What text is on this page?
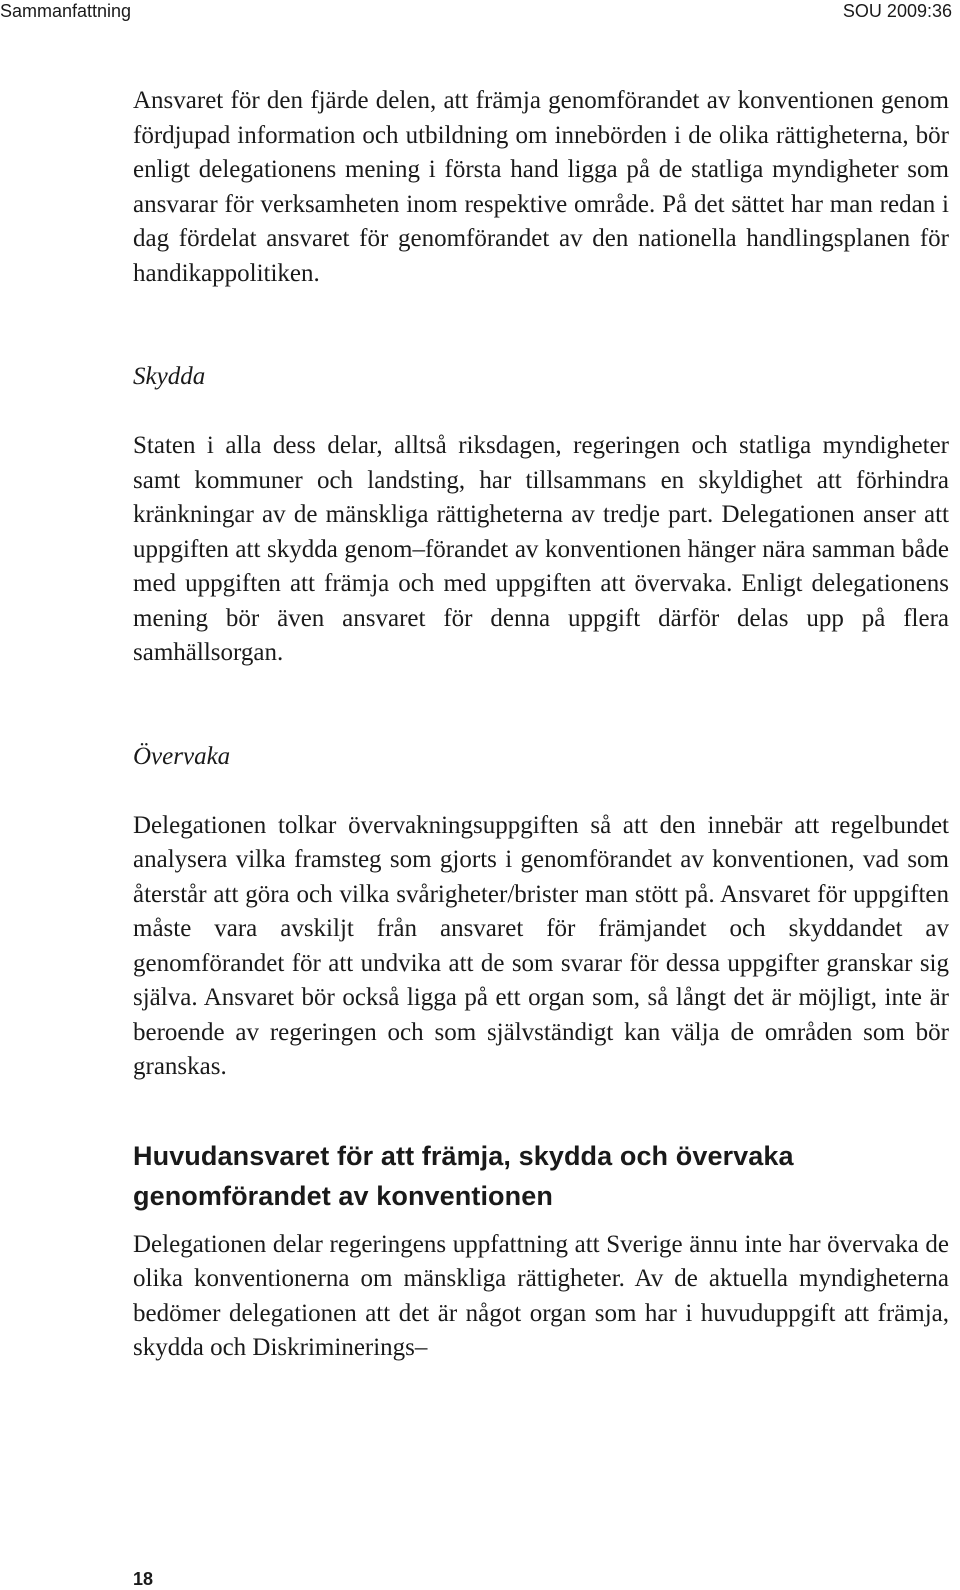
Sammanfattning	SOU 2009:36

Ansvaret för den fjärde delen, att främja genomförandet av konventionen genom fördjupad information och utbildning om innebörden i de olika rättigheterna, bör enligt delegationens mening i första hand ligga på de statliga myndigheter som ansvarar för verksamheten inom respektive område. På det sättet har man redan i dag fördelat ansvaret för genomförandet av den nationella handlingsplanen för handikappolitiken.

Skydda

Staten i alla dess delar, alltså riksdagen, regeringen och statliga myndigheter samt kommuner och landsting, har tillsammans en skyldighet att förhindra kränkningar av de mänskliga rättigheterna av tredje part. Delegationen anser att uppgiften att skydda genom–förandet av konventionen hänger nära samman både med uppgiften att främja och med uppgiften att övervaka. Enligt delegationens mening bör även ansvaret för denna uppgift därför delas upp på flera samhällsorgan.

Övervaka

Delegationen tolkar övervakningsuppgiften så att den innebär att regelbundet analysera vilka framsteg som gjorts i genomförandet av konventionen, vad som återstår att göra och vilka svårigheter/brister man stött på. Ansvaret för uppgiften måste vara avskiljt från ansvaret för främjandet och skyddandet av genomförandet för att undvika att de som svarar för dessa uppgifter granskar sig själva. Ansvaret bör också ligga på ett organ som, så långt det är möjligt, inte är beroende av regeringen och som självständigt kan välja de områden som bör granskas.

Huvudansvaret för att främja, skydda och övervaka
genomförandet av konventionen

Delegationen delar regeringens uppfattning att Sverige ännu inte har övervaka de olika konventionerna om mänskliga rättigheter. Av de aktuella myndigheterna bedömer delegationen att det är något organ som har i huvuduppgift att främja, skydda och Diskriminerings–

18
